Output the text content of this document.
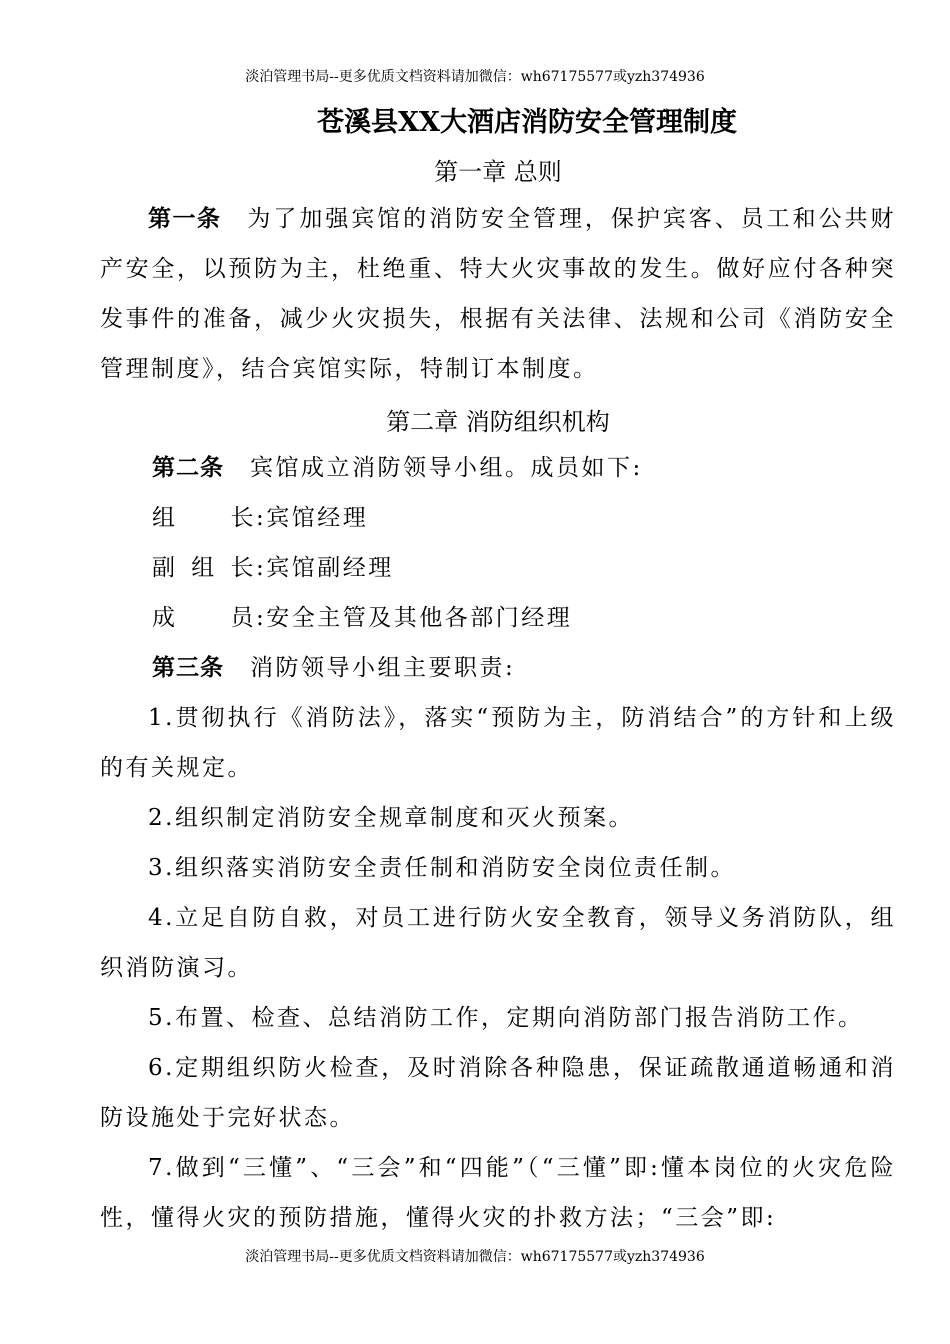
淡泊管理书局--更多优质文档资料请加微信：wh67175577或yzh374936
苍溪县XX大酒店消防安全管理制度
第一章 总则
第一条 为了加强宾馆的消防安全管理，保护宾客、员工和公共财产安全，以预防为主，杜绝重、特大火灾事故的发生。做好应付各种突发事件的准备，减少火灾损失，根据有关法律、法规和公司《消防安全管理制度》，结合宾馆实际，特制订本制度。
第二章 消防组织机构
第二条 宾馆成立消防领导小组。成员如下:
组长:宾馆经理
副组长:宾馆副经理
成员:安全主管及其他各部门经理
第三条 消防领导小组主要职责:
1.贯彻执行《消防法》，落实“预防为主，防消结合”的方针和上级的有关规定。
2.组织制定消防安全规章制度和灭火预案。
3.组织落实消防安全责任制和消防安全岗位责任制。
4.立足自防自救，对员工进行防火安全教育，领导义务消防队，组织消防演习。
5.布置、检查、总结消防工作，定期向消防部门报告消防工作。
6.定期组织防火检查，及时消除各种隐患，保证疏散通道畅通和消防设施处于完好状态。
7.做到“三懂”、“三会”和“四能”（“三懂”即:懂本岗位的火灾危险性，懂得火灾的预防措施，懂得火灾的扑救方法；“三会”即:
淡泊管理书局--更多优质文档资料请加微信：wh67175577或yzh374936
